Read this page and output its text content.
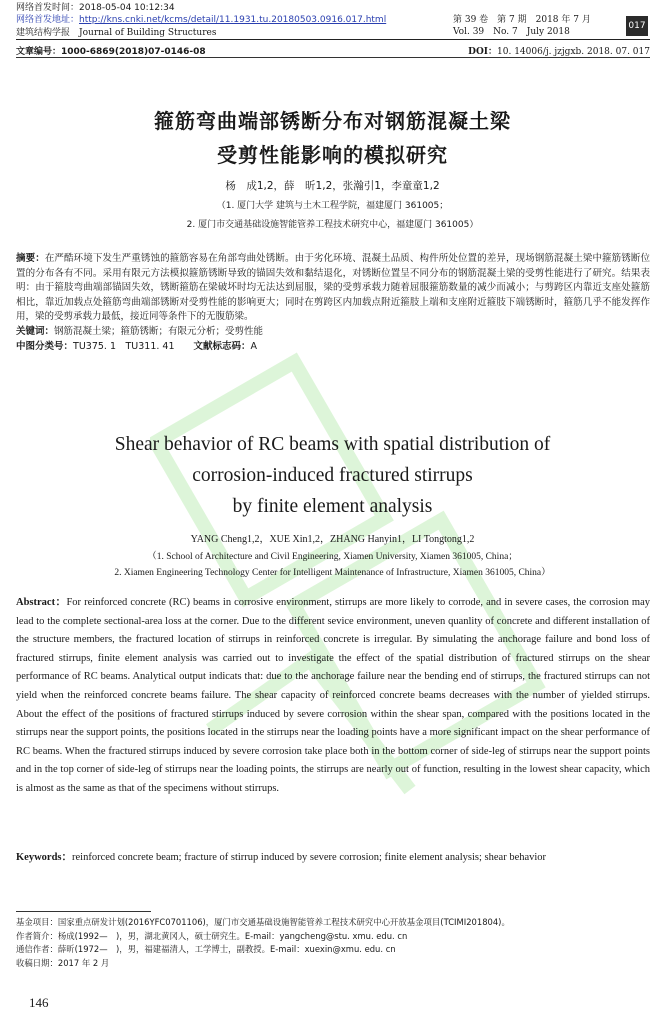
网络首发时间：2018-05-04 10:12:34
网络首发地址：http://kns.cnki.net/kcms/detail/11.1931.tu.20180503.0916.017.html
建筑结构学报　Journal of Building Structures
第 39 卷　第 7 期　2018 年 7 月
Vol. 39　No. 7　July 2018
017
文章编号：1000-6869(2018)07-0146-08	DOI：10. 14006/j. jzjgxb. 2018. 07. 017
箍筋弯曲端部锈断分布对钢筋混凝土梁
受剪性能影响的模拟研究
杨　成1,2，薛　昕1,2，张瀚引1，李童童1,2
（1. 厦门大学 建筑与土木工程学院，福建厦门 361005；
2. 厦门市交通基础设施智能管养工程技术研究中心，福建厦门 361005）
摘要：在严酷环境下发生严重锈蚀的箍筋容易在角部弯曲处锈断。由于劣化环境、混凝土品质、构件所处位置的差异，现场钢筋混凝土梁中箍筋锈断位置的分布各有不同。采用有限元方法模拟箍筋锈断导致的锚固失效和黏结退化，对锈断位置呈不同分布的钢筋混凝土梁的受剪性能进行了研究。结果表明：由于箍肢弯曲端部锚固失效，锈断箍筋在梁破坏时均无法达到屈服，梁的受剪承载力随着屈服箍筋数量的减少而减小；与剪跨区内靠近支座处箍筋相比，靠近加载点处箍筋弯曲端部锈断对受剪性能的影响更大；同时在剪跨区内加载点附近箍肢上端和支座附近箍肢下端锈断时，箍筋几乎不能发挥作用，梁的受剪承载力最低，接近同等条件下的无腹筋梁。
关键词：钢筋混凝土梁；箍筋锈断；有限元分析；受剪性能
中图分类号：TU375. 1　TU311. 41　　 文献标志码：A
Shear behavior of RC beams with spatial distribution of
corrosion-induced fractured stirrups
by finite element analysis
YANG Cheng1,2，XUE Xin1,2，ZHANG Hanyin1，LI Tongtong1,2
（1. School of Architecture and Civil Engineering, Xiamen University, Xiamen 361005, China；
2. Xiamen Engineering Technology Center for Intelligent Maintenance of Infrastructure, Xiamen 361005, China）
Abstract：For reinforced concrete (RC) beams in corrosive environment, stirrups are more likely to corrode, and in severe cases, the corrosion may lead to the complete sectional-area loss at the corner. Due to the different sevice environment, uneven quanlity of concrete and different installation of the structure members, the fractured location of stirrups in reinforced concrete is irregular. By simulating the anchorage failure and bond loss of fractured stirrups, finite element analysis was carried out to investigate the effect of the spatial distribution of fractured stirrups on the shear performance of RC beams. Analytical output indicats that: due to the anchorage failure near the bending end of stirrups, the fractured stirrups can not yield when the reinforced concrete beams failure. The shear capacity of reinforced concrete beams decreases with the number of yielded stirrups. About the effect of the positions of fractured stirrups induced by severe corrosion within the shear span, compared with the positions located in the stirrups near the support points, the positions located in the stirrups near the loading points have a more significant impact on the shear performance of RC beams. When the fractured stirrups induced by severe corrosion take place both in the bottom corner of side-leg of stirrups near the support points and in the top corner of side-leg of stirrups near the loading points, the stirrups are nearly out of function, resulting in the lowest shear capacity, which is almost as the same as that of the specimens without stirrups.
Keywords：reinforced concrete beam; fracture of stirrup induced by severe corrosion; finite element analysis; shear behavior
基金项目：国家重点研发计划(2016YFC0701106)，厦门市交通基础设施智能管养工程技术研究中心开放基金项目(TCIMI201804)。
作者简介：杨成(1992—　)，男，湖北黄冈人，硕士研究生。E-mail：yangcheng@stu. xmu. edu. cn
通信作者：薛昕(1972—　)，男，福建福清人，工学博士，副教授。E-mail：xuexin@xmu. edu. cn
收稿日期：2017 年 2 月
146
